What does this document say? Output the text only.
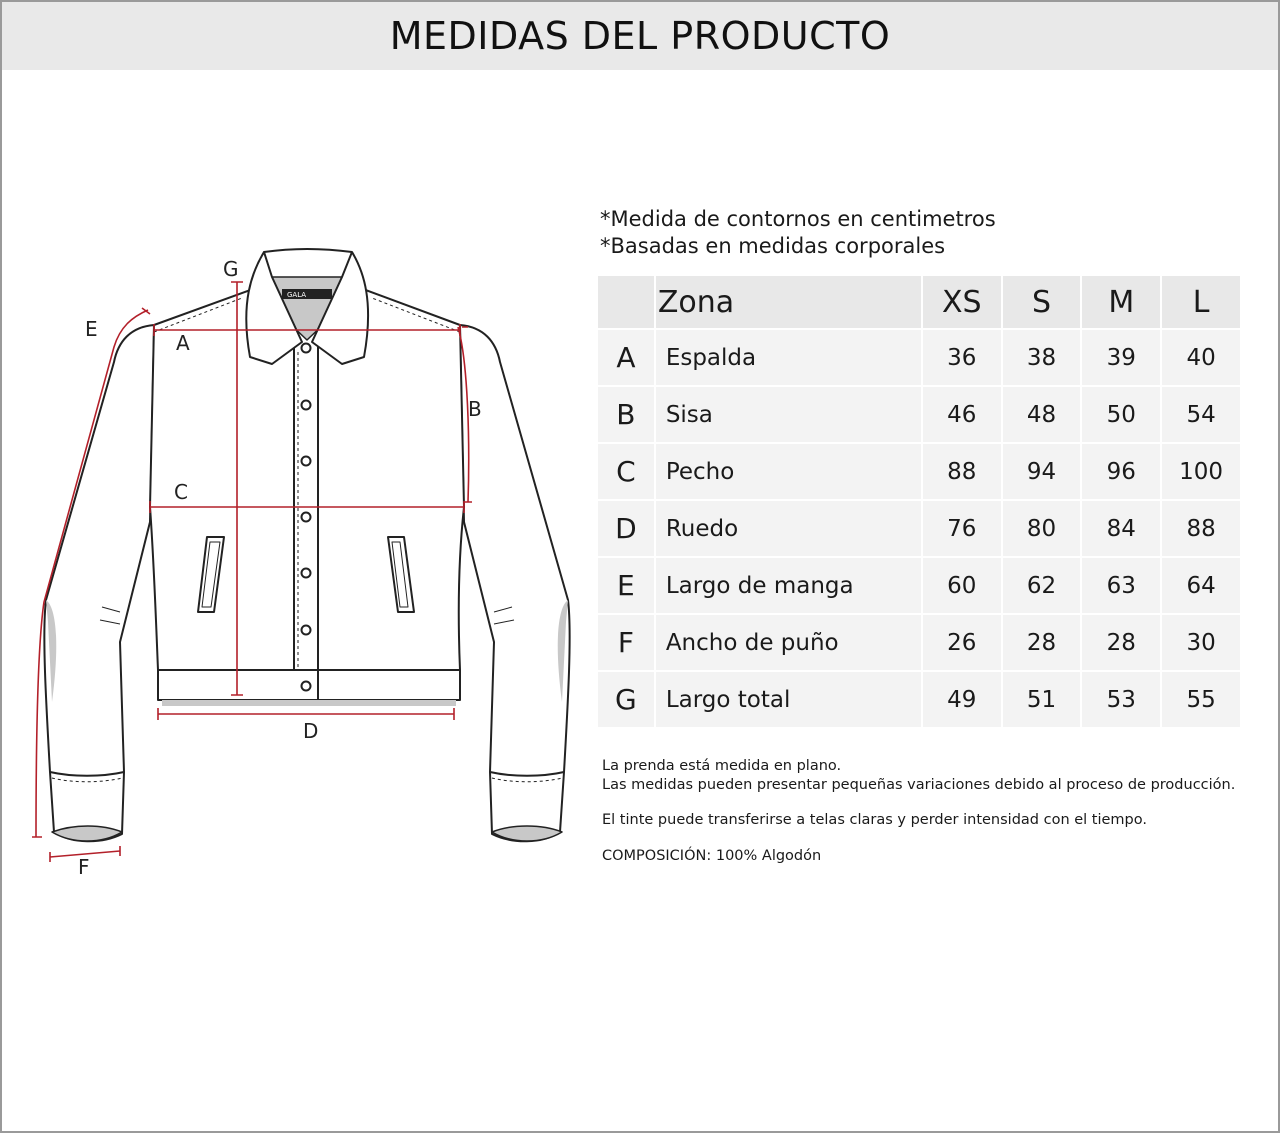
MEDIDAS DEL PRODUCTO
GALA
A
B
C
D
E
F
G
*Medida de contornos en centimetros
*Basadas en medidas corporales
	Zona	XS	S	M	L
A	Espalda	36	38	39	40
B	Sisa	46	48	50	54
C	Pecho	88	94	96	100
D	Ruedo	76	80	84	88
E	Largo de manga	60	62	63	64
F	Ancho de puño	26	28	28	30
G	Largo total	49	51	53	55

La prenda está medida en plano.

Las medidas pueden presentar pequeñas variaciones debido al proceso de producción.

El tinte puede transferirse a telas claras y perder intensidad con el tiempo.

COMPOSICIÓN: 100% Algodón
